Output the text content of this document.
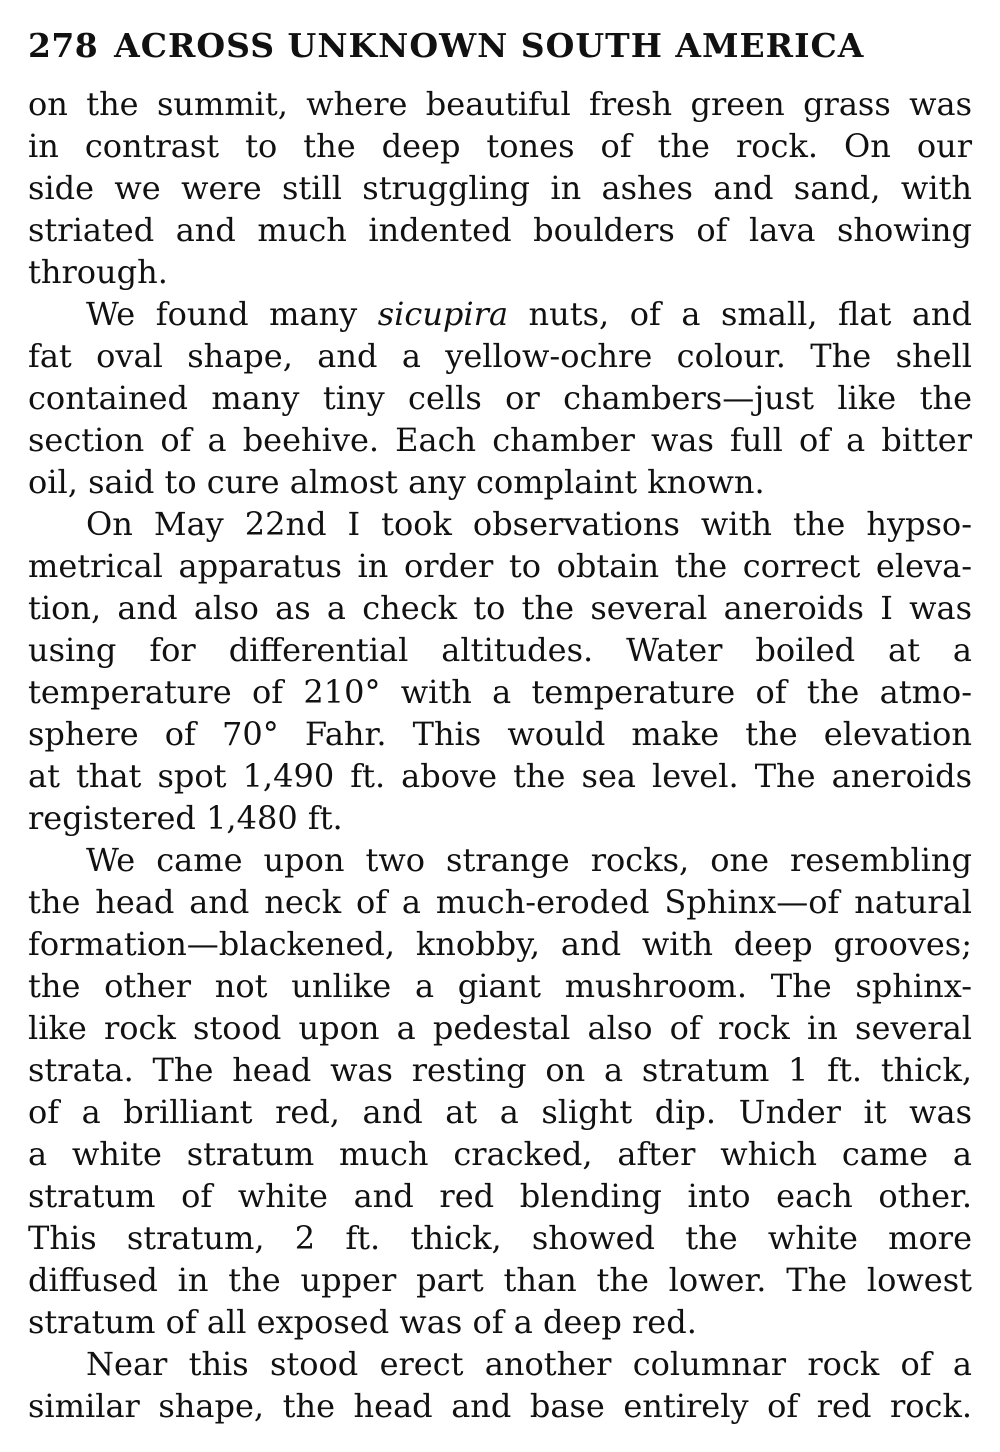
278 ACROSS UNKNOWN SOUTH AMERICA
on the summit, where beautiful fresh green grass was
in contrast to the deep tones of the rock. On our
side we were still struggling in ashes and sand, with
striated and much indented boulders of lava showing
through.
We found many sicupira nuts, of a small, flat and
fat oval shape, and a yellow-ochre colour. The shell
contained many tiny cells or chambers—just like the
section of a beehive. Each chamber was full of a bitter
oil, said to cure almost any complaint known.
On May 22nd I took observations with the hypso-
metrical apparatus in order to obtain the correct eleva-
tion, and also as a check to the several aneroids I was
using for differential altitudes. Water boiled at a
temperature of 210° with a temperature of the atmo-
sphere of 70° Fahr. This would make the elevation
at that spot 1,490 ft. above the sea level. The aneroids
registered 1,480 ft.
We came upon two strange rocks, one resembling
the head and neck of a much-eroded Sphinx—of natural
formation—blackened, knobby, and with deep grooves;
the other not unlike a giant mushroom. The sphinx-
like rock stood upon a pedestal also of rock in several
strata. The head was resting on a stratum 1 ft. thick,
of a brilliant red, and at a slight dip. Under it was
a white stratum much cracked, after which came a
stratum of white and red blending into each other.
This stratum, 2 ft. thick, showed the white more
diffused in the upper part than the lower. The lowest
stratum of all exposed was of a deep red.
Near this stood erect another columnar rock of a
similar shape, the head and base entirely of red rock.
